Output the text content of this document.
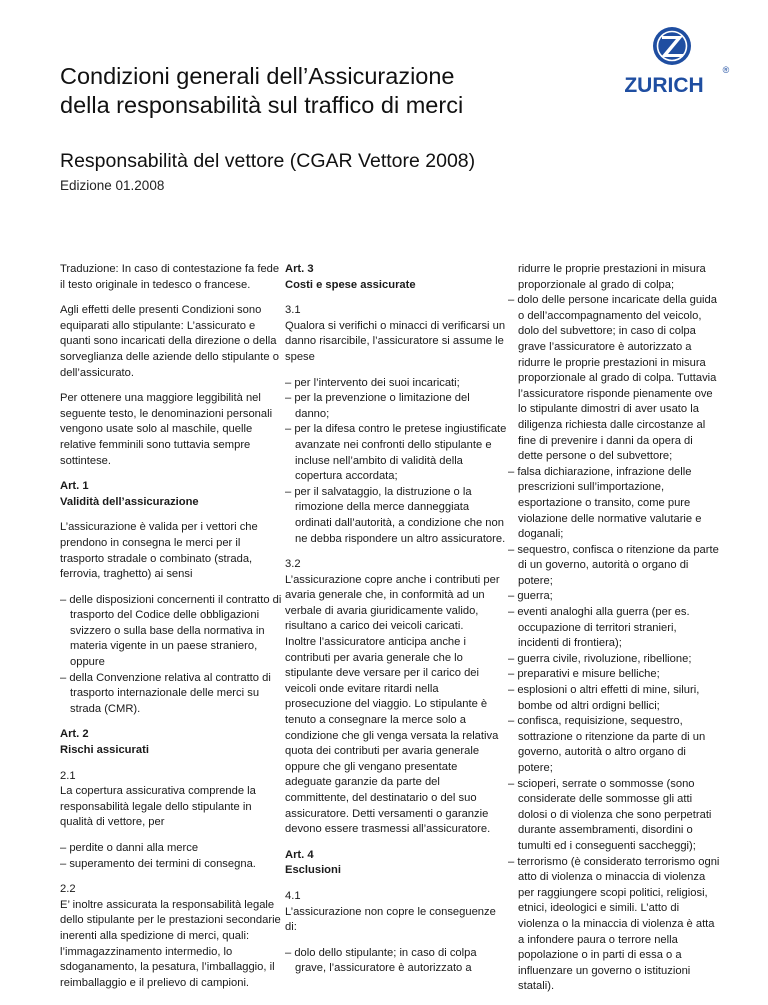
Condizioni generali dell’Assicurazione
della responsabilità sul traffico di merci
ZURICH
®
Responsabilità del vettore (CGAR Vettore 2008)
Edizione 01.2008

Traduzione: In caso di contestazione fa fede il testo originale in tedesco o francese.

Agli effetti delle presenti Condizioni sono equiparati allo stipulante: L’assicurato e quanti sono incaricati della direzione o della sorveglianza delle aziende dello stipulante o dell’assicurato.

Per ottenere una maggiore leggibilità nel seguente testo, le denominazioni personali vengono usate solo al maschile, quelle relative femminili sono tuttavia sempre sottintese.

Art. 1
Validità dell’assicurazione

L’assicurazione è valida per i vettori che prendono in consegna le merci per il trasporto stradale o combinato (strada, ferrovia, traghetto) ai sensi

– delle disposizioni concernenti il contratto di trasporto del Codice delle obbligazioni svizzero o sulla base della normativa in materia vigente in un paese straniero, oppure
– della Convenzione relativa al contratto di trasporto internazionale delle merci su strada (CMR).
Art. 2
Rischi assicurati

2.1
La copertura assicurativa comprende la responsabilità legale dello stipulante in qualità di vettore, per

– perdite o danni alla merce
– superamento dei termini di consegna.

2.2
E’ inoltre assicurata la responsabilità legale dello stipulante per le prestazioni secondarie inerenti alla spedizione di merci, quali: l’immagazzinamento intermedio, lo sdoganamento, la pesatura, l’imballaggio, il reimballaggio e il prelievo di campioni.

Art. 3
Costi e spese assicurate

3.1
Qualora si verifichi o minacci di verificarsi un danno risarcibile, l’assicuratore si assume le spese

– per l’intervento dei suoi incaricati;
– per la prevenzione o limitazione del danno;
– per la difesa contro le pretese ingiustificate avanzate nei confronti dello stipulante e incluse nell’ambito di validità della copertura accordata;
– per il salvataggio, la distruzione o la rimozione della merce danneggiata ordinati dall’autorità, a condizione che non ne debba rispondere un altro assicuratore.

3.2
L’assicurazione copre anche i contributi per avaria generale che, in conformità ad un verbale di avaria giuridicamente valido, risultano a carico dei veicoli caricati.
Inoltre l’assicuratore anticipa anche i contributi per avaria generale che lo stipulante deve versare per il carico dei veicoli onde evitare ritardi nella prosecuzione del viaggio. Lo stipulante è tenuto a consegnare la merce solo a condizione che gli venga versata la relativa quota dei contributi per avaria generale oppure che gli vengano presentate adeguate garanzie da parte del committente, del destinatario o del suo assicuratore. Detti versamenti o garanzie devono essere trasmessi all’assicuratore.

Art. 4
Esclusioni

4.1
L’assicurazione non copre le conseguenze di:

– dolo dello stipulante; in caso di colpa grave, l’assicuratore è autorizzato a
ridurre le proprie prestazioni in misura proporzionale al grado di colpa;
– dolo delle persone incaricate della guida o dell’accompagnamento del veicolo, dolo del subvettore; in caso di colpa grave l’assicuratore è autorizzato a ridurre le proprie prestazioni in misura proporzionale al grado di colpa. Tuttavia l’assicuratore risponde pienamente ove lo stipulante dimostri di aver usato la diligenza richiesta dalle circostanze al fine di prevenire i danni da opera di dette persone o del subvettore;
– falsa dichiarazione, infrazione delle prescrizioni sull’importazione, esportazione o transito, come pure violazione delle normative valutarie e doganali;
– sequestro, confisca o ritenzione da parte di un governo, autorità o organo di potere;
– guerra;
– eventi analoghi alla guerra (per es. occupazione di territori stranieri, incidenti di frontiera);
– guerra civile, rivoluzione, ribellione;
– preparativi e misure belliche;
– esplosioni o altri effetti di mine, siluri, bombe od altri ordigni bellici;
– confisca, requisizione, sequestro, sottrazione o ritenzione da parte di un governo, autorità o altro organo di potere;
– scioperi, serrate o sommosse (sono considerate delle sommosse gli atti dolosi o di violenza che sono perpetrati durante assembramenti, disordini o tumulti ed i conseguenti saccheggi);
– terrorismo (è considerato terrorismo ogni atto di violenza o minaccia di violenza per raggiungere scopi politici, religiosi, etnici, ideologici e simili. L’atto di violenza o la minaccia di violenza è atta a infondere paura o terrore nella popolazione o in parti di essa o a influenzare un governo o istituzioni statali).
